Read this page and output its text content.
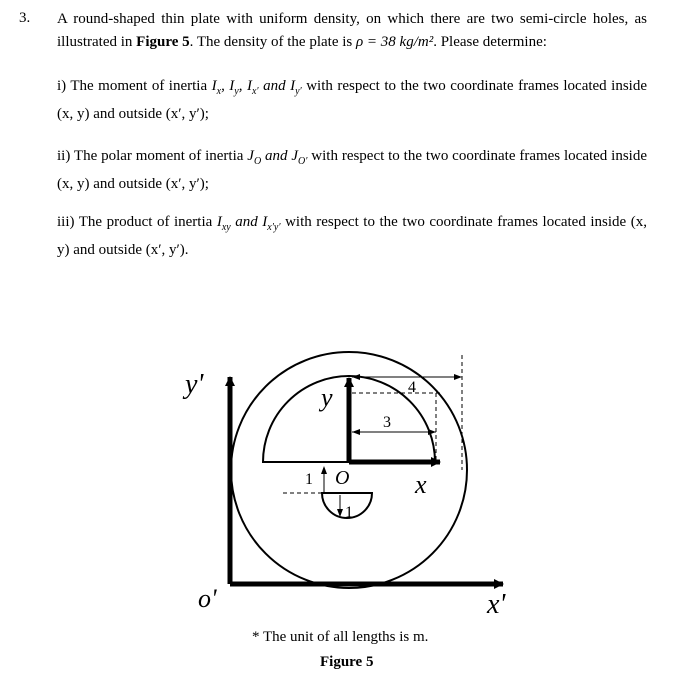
3. A round-shaped thin plate with uniform density, on which there are two semi-circle holes, as illustrated in Figure 5. The density of the plate is ρ = 38 kg/m². Please determine:
i) The moment of inertia $I_x$, $I_y$, $I_{x'}$ and $I_{y'}$ with respect to the two coordinate frames located inside (x, y) and outside (x′, y′);
ii) The polar moment of inertia $J_O$ and $J_{O'}$ with respect to the two coordinate frames located inside (x, y) and outside (x′, y′);
iii) The product of inertia $I_{xy}$ and $I_{x'y'}$ with respect to the two coordinate frames located inside (x, y) and outside (x′, y′).
y'
x'
o'
y
x
O
4
3
1
1
* The unit of all lengths is m.
Figure 5
